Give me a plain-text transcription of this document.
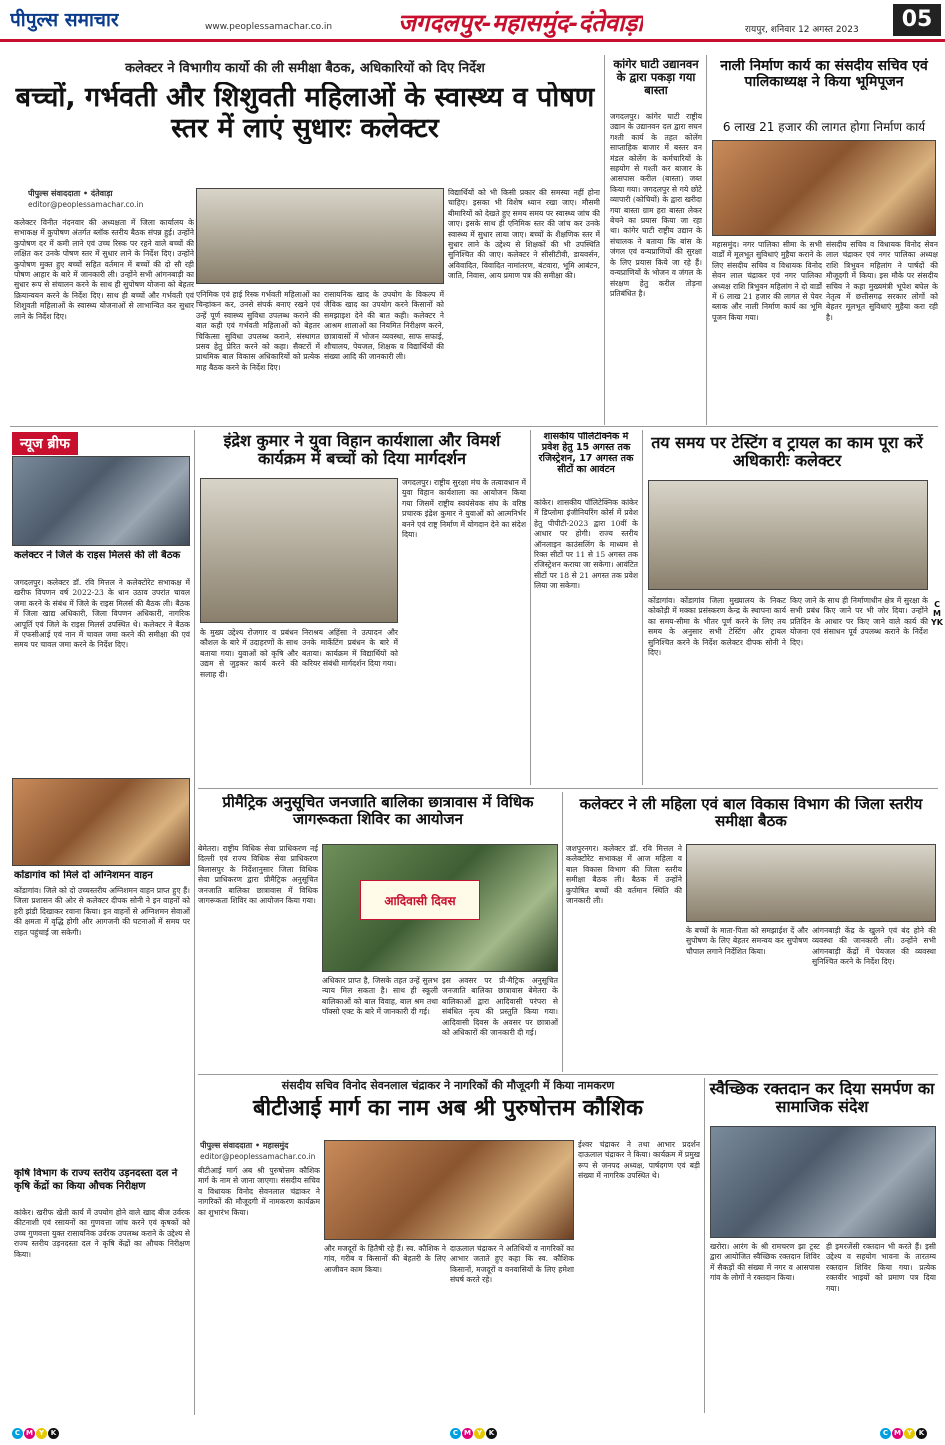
पीपुल्स समाचार	www.peoplessamachar.co.in	जगदलपुर-महासमुंद-दंतेवाड़ा	रायपुर, शनिवार 12 अगस्त 2023	05
कलेक्टर ने विभागीय कार्यो की ली समीक्षा बैठक, अधिकारियों को दिए निर्देश
बच्चों, गर्भवती और शिशुवती महिलाओं के स्वास्थ्य व पोषण स्तर में लाएं सुधारः कलेक्टर
पीपुल्स संवाददाता • दंतेवाड़ा
editor@peoplessamachar.co.in
कलेक्टर विनीत नंदनवार की अध्यक्षता में जिला कार्यालय के सभाकक्ष में कुपोषण अंतर्गत ब्लॉक स्तरीय बैठक संपन्न हुई। उन्होंने कुपोषण दर में कमी लाने एवं उच्च रिस्क पर रहने वाले बच्चों की लक्षित कर उनके पोषण स्तर में सुधार लाने के निर्देश दिए। उन्होंने कुपोषण मुक्त हुए बच्चों सहित वर्तमान में बच्चों की दो सौ रही पोषण आहार के बारे में जानकारी ली। उन्होंने सभी आंगनबाड़ी का सुधार रूप से संचालन करने के साथ ही सुपोषण योजना को बेहतर क्रियान्वयन करने के निर्देश दिए। साथ ही बच्चों और गर्भवती एवं शिशुवती महिलाओं के स्वास्थ्य योजनाओं से लाभान्वित कर सुधार लाने के निर्देश दिए।
एनिमिक एवं हाई रिस्क गर्भवती महिलाओं का चिन्हांकन कर, उनसे संपर्क बनाए रखने एवं उन्हें पूर्ण स्वास्थ्य सुविधा उपलब्ध कराने की बात कही एवं गर्भवती महिलाओं को बेहतर चिकित्सा सुविधा उपलब्ध कराने, संस्थागत प्रसव हेतु प्रेरित करने को कहा। सैक्टरों में प्राथमिक बाल विकास अधिकारियों को प्रत्येक माह बैठक करने के निर्देश दिए।
रासायनिक खाद के उपयोग के विकल्प में जैविक खाद का उपयोग करने किसानों को समझाइश देने की बात कही। कलेक्टर ने आश्रम शालाओं का नियमित निरीक्षण करने, छात्रावासों में भोजन व्यवस्था, साफ सफाई, शौचालय, पेयजल, शिक्षक व विद्यार्थियों की संख्या आदि की जानकारी ली।
विद्यार्थियों को भी किसी प्रकार की समस्या नहीं होना चाहिए। इसका भी विशेष ध्यान रखा जाए। मौसमी बीमारियों को देखते हुए समय समय पर स्वास्थ्य जांच की जाए। इसके साथ ही एनिमिक स्तर की जांच कर उनके स्वास्थ्य में सुधार लाया जाए। बच्चों के शैक्षणिक स्तर में सुधार लाने के उद्देश्य से शिक्षकों की भी उपस्थिति सुनिश्चित की जाए। कलेक्टर ने सीसीटीवी, डायवर्सन, अविवादित, विवादित नामांतरण, बंटवारा, भूमि आबंटन, जाति, निवास, आय प्रमाण पत्र की समीक्षा की।
कांगेर घाटी उद्यानवन के द्वारा पकड़ा गया बास्ता
जगदलपुर। कांगेर घाटी राष्ट्रीय उद्यान के उद्यानवन दल द्वारा सघन गश्ती कार्य के तहत कोलेंग साप्ताहिक बाजार में बस्तर वन मंडल कोलेंग के कर्मचारियों के सहयोग से गश्ती कर बाजार के आसपास करील (बास्ता) जब्त किया गया। जगदलपुर से गये छोटे व्यापारी (कोचियों) के द्वारा खरीदा गया बास्ता ग्राम हरा बास्ता लेकर बेचने का प्रयास किया जा रहा था। कांगेर घाटी राष्ट्रीय उद्यान के संचालक ने बताया कि बांस के जंगल एवं वन्यप्राणियों की सुरक्षा के लिए प्रयास किये जा रहे हैं। वन्यप्राणियों के भोजन व जंगल के संरक्षण हेतु करील तोड़ना प्रतिबंधित है।
नाली निर्माण कार्य का संसदीय सचिव एवं पालिकाध्यक्ष ने किया भूमिपूजन
6 लाख 21 हजार की लागत होगा निर्माण कार्य
महासमुंद। नगर पालिका सीमा के सभी वार्डों में मूलभूत सुविधाएं मुहैया कराने के लिए संसदीय सचिव व विधायक विनोद सेवन लाल चंद्राकर एवं नगर पालिका अध्यक्ष राशि त्रिभुवन महिलांग ने दो वार्डों में 6 लाख 21 हजार की लागत से पेवर ब्लाक और नाली निर्माण कार्य का भूमि पूजन किया गया।
संसदीय सचिव व विधायक विनोद सेवन लाल चंद्राकर एवं नगर पालिका अध्यक्ष राशि त्रिभुवन महिलांग ने पार्षदों की मौजूदगी में किया। इस मौके पर संसदीय सचिव ने कहा मुख्यमंत्री भूपेश बघेल के नेतृत्व में छत्तीसगढ़ सरकार लोगों को बेहतर मूलभूत सुविधाएं मुहैया करा रही है।
न्यूज ब्रीफ
कलेक्टर ने जिले के राइस मिलर्स की ली बैठक
जगदलपुर। कलेक्टर डॉ. रवि मित्तल ने कलेक्टोरेट सभाकक्ष में खरीफ विपणन वर्ष 2022-23 के धान उठाव उपरांत चावल जमा करने के संबंध में जिले के राइस मिलर्स की बैठक ली। बैठक में जिला खाद्य अधिकारी, जिला विपणन अधिकारी, नागरिक आपूर्ति एवं जिले के राइस मिलर्स उपस्थित थे। कलेक्टर ने बैठक में एफसीआई एवं नान में चावल जमा करने की समीक्षा की एवं समय पर चावल जमा करने के निर्देश दिए।
कोंडागांव को मिले दो अग्निशमन वाहन
कोंडागांव। जिले को दो उच्चस्तरीय अग्निशमन वाहन प्राप्त हुए हैं। जिला प्रशासन की ओर से कलेक्टर दीपक सोनी ने इन वाहनों को हरी झंडी दिखाकर रवाना किया। इन वाहनों से अग्निशमन सेवाओं की क्षमता में वृद्धि होगी और आगजनी की घटनाओं में समय पर राहत पहुंचाई जा सकेगी।
कृषि विभाग के राज्य स्तरीय उड़नदस्ता दल ने कृषि केंद्रों का किया औचक निरीक्षण
कांकेर। खरीफ खेती कार्य में उपयोग होने वाले खाद बीज उर्वरक कीटनाशी एवं रसायनों का गुणवत्ता जांच करने एवं कृषकों को उच्च गुणवत्ता युक्त रासायनिक उर्वरक उपलब्ध कराने के उद्देश्य से राज्य स्तरीय उड़नदस्ता दल ने कृषि केंद्रों का औचक निरीक्षण किया।
इंद्रेश कुमार ने युवा विहान कार्यशाला और विमर्श कार्यक्रम में बच्चों को दिया मार्गदर्शन
जगदलपुर। राष्ट्रीय सुरक्षा मंच के तत्वावधान में युवा विहान कार्यशाला का आयोजन किया गया जिसमें राष्ट्रीय स्वयंसेवक संघ के वरिष्ठ प्रचारक इंद्रेश कुमार ने युवाओं को आत्मनिर्भर बनने एवं राष्ट्र निर्माण में योगदान देने का संदेश दिया।
के मुख्य उद्देश्य रोजगार व प्रबंधन कौशल के बारे में उदाहरणों के साथ बताया गया। युवाओं को कृषि और उद्यम से जुड़कर कार्य करने की सलाह दी।
निराश्रय अहिंसा ने उत्पादन और उनके मार्केटिंग प्रबंधन के बारे में बताया। कार्यक्रम में विद्यार्थियों को करियर संबंधी मार्गदर्शन दिया गया।
शासकीय पॉलिटेक्निक में प्रवेश हेतु 15 अगस्त तक रजिस्ट्रेशन, 17 अगस्त तक सीटों का आवंटन
कांकेर। शासकीय पॉलिटेक्निक कांकेर में डिप्लोमा इंजीनियरिंग कोर्स में प्रवेश हेतु पीपीटी-2023 द्वारा 10वीं के आधार पर होगी। राज्य स्तरीय ऑनलाइन काउंसलिंग के माध्यम से रिक्त सीटों पर 11 से 15 अगस्त तक रजिस्ट्रेशन कराया जा सकेगा। आवंटित सीटों पर 18 से 21 अगस्त तक प्रवेश लिया जा सकेगा।
तय समय पर टेस्टिंग व ट्रायल का काम पूरा करें अधिकारीः कलेक्टर
कोंडागांव। कोंडागांव जिला मुख्यालय के निकट कोकोड़ी में मक्का प्रसंस्करण केन्द्र के स्थापना कार्य का समय-सीमा के भीतर पूर्ण करने के लिए तय समय के अनुसार सभी टेस्टिंग और ट्रायल सुनिश्चित करने के निर्देश कलेक्टर दीपक सोनी ने दिए।
किए जाने के साथ ही निर्माणाधीन क्षेत्र में सुरक्षा के सभी प्रबंध किए जाने पर भी जोर दिया। उन्होंने प्रतिदिन के आधार पर किए जाने वाले कार्य की योजना एवं संसाधन पूर्व उपलब्ध कराने के निर्देश दिए।
प्रीमैट्रिक अनुसूचित जनजाति बालिका छात्रावास में विधिक जागरूकता शिविर का आयोजन
बेमेतरा। राष्ट्रीय विधिक सेवा प्राधिकरण नई दिल्ली एवं राज्य विधिक सेवा प्राधिकरण बिलासपुर के निर्देशानुसार जिला विधिक सेवा प्राधिकरण द्वारा प्रीमैट्रिक अनुसूचित जनजाति बालिका छात्रावास में विधिक जागरूकता शिविर का आयोजन किया गया।	आदिवासी दिवस
अधिकार प्राप्त है, जिसके तहत उन्हें सुलभ न्याय मिल सकता है। साथ ही स्कूली बालिकाओं को बाल विवाह, बाल श्रम तथा पॉक्सो एक्ट के बारे में जानकारी दी गई।
इस अवसर पर प्री-मैट्रिक अनुसूचित जनजाति बालिका छात्रावास बेमेतरा के बालिकाओं द्वारा आदिवासी परंपरा से संबंधित नृत्य की प्रस्तुति किया गया। आदिवासी दिवस के अवसर पर छात्राओं को अधिकारों की जानकारी दी गई।
कलेक्टर ने ली महिला एवं बाल विकास विभाग की जिला स्तरीय समीक्षा बैठक
जशपुरनगर। कलेक्टर डॉ. रवि मित्तल ने कलेक्टोरेट सभाकक्ष में आज महिला व बाल विकास विभाग की जिला स्तरीय समीक्षा बैठक ली। बैठक में उन्होंने कुपोषित बच्चों की वर्तमान स्थिति की जानकारी ली।
के बच्चों के माता-पिता को समझाईश दें और सुपोषण के लिए बेहतर समन्वय कर सुपोषण चौपाल लगाने निर्देशित किया।
आंगनबाड़ी केंद्र के खुलने एवं बंद होने की व्यवस्था की जानकारी ली। उन्होंने सभी आंगनबाड़ी केंद्रों में पेयजल की व्यवस्था सुनिश्चित करने के निर्देश दिए।
संसदीय सचिव विनोद सेवनलाल चंद्राकर ने नागरिकों की मौजूदगी में किया नामकरण
बीटीआई मार्ग का नाम अब श्री पुरुषोत्तम कौशिक
पीपुल्स संवाददाता • महासमुंद
editor@peoplessamachar.co.in
बीटीआई मार्ग अब श्री पुरुषोत्तम कौशिक मार्ग के नाम से जाना जाएगा। संसदीय सचिव व विधायक विनोद सेवनलाल चंद्राकर ने नागरिकों की मौजूदगी में नामकरण कार्यक्रम का शुभारंभ किया।
और मजदूरों के हितैषी रहे हैं। स्व. कौशिक ने गांव, गरीब व किसानों की बेहतरी के लिए आजीवन काम किया।
दाऊलाल चंद्राकर ने अतिथियों व नागरिकों का आभार जताते हुए कहा कि स्व. कौशिक किसानों, मजदूरों व वनवासियों के लिए हमेशा संघर्ष करते रहे।
ईश्वर चंद्राकर ने तथा आभार प्रदर्शन दाऊलाल चंद्राकर ने किया। कार्यक्रम में प्रमुख रूप से जनपद अध्यक्ष, पार्षदगण एवं बड़ी संख्या में नागरिक उपस्थित थे।
स्वैच्छिक रक्तदान कर दिया समर्पण का सामाजिक संदेश
खरोरा। आरंग के श्री रामचरण झा ट्रस्ट द्वारा आयोजित स्वैच्छिक रक्तदान शिविर में सैकड़ों की संख्या में नगर व आसपास गांव के लोगों ने रक्तदान किया।
ही इमरजेंसी रक्तदान भी करते हैं। इसी उद्देश्य व सहयोग भावना के तारतम्य रक्तदान शिविर किया गया। प्रत्येक रक्तवीर भाइयों को प्रमाण पत्र दिया गया।
C M Y K	C M Y K	C M Y K
CMYK
